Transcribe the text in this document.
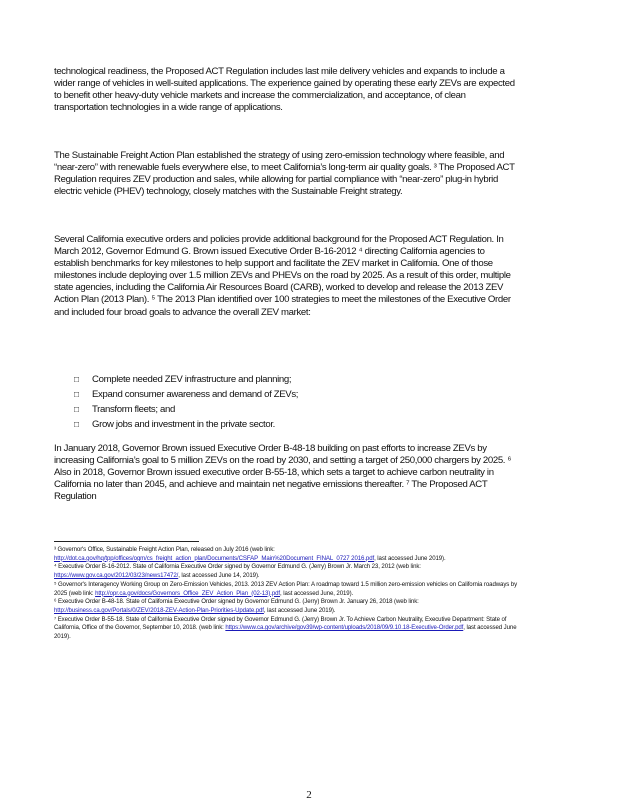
technological readiness, the Proposed ACT Regulation includes last mile delivery vehicles and expands to include a wider range of vehicles in well-suited applications. The experience gained by operating these early ZEVs are expected to benefit other heavy-duty vehicle markets and increase the commercialization, and acceptance, of clean transportation technologies in a wide range of applications.

The Sustainable Freight Action Plan established the strategy of using zero-emission technology where feasible, and “near-zero” with renewable fuels everywhere else, to meet California’s long-term air quality goals. ³ The Proposed ACT Regulation requires ZEV production and sales, while allowing for partial compliance with “near-zero” plug-in hybrid electric vehicle (PHEV) technology, closely matches with the Sustainable Freight strategy.

Several California executive orders and policies provide additional background for the Proposed ACT Regulation. In March 2012, Governor Edmund G. Brown issued Executive Order B-16-2012 ⁴ directing California agencies to establish benchmarks for key milestones to help support and facilitate the ZEV market in California. One of those milestones include deploying over 1.5 million ZEVs and PHEVs on the road by 2025. As a result of this order, multiple state agencies, including the California Air Resources Board (CARB), worked to develop and release the 2013 ZEV Action Plan (2013 Plan). ⁵ The 2013 Plan identified over 100 strategies to meet the milestones of the Executive Order and included four broad goals to advance the overall ZEV market:

□ Complete needed ZEV infrastructure and planning;
□ Expand consumer awareness and demand of ZEVs;
□ Transform fleets; and
□ Grow jobs and investment in the private sector.

In January 2018, Governor Brown issued Executive Order B-48-18 building on past efforts to increase ZEVs by increasing California’s goal to 5 million ZEVs on the road by 2030, and setting a target of 250,000 chargers by 2025. ⁶ Also in 2018, Governor Brown issued executive order B-55-18, which sets a target to achieve carbon neutrality in California no later than 2045, and achieve and maintain net negative emissions thereafter. ⁷ The Proposed ACT Regulation

³ Governor's Office, Sustainable Freight Action Plan, released on July 2016 (web link: http://dot.ca.gov/hq/tpp/offices/ogm/cs_freight_action_plan/Documents/CSFAP_Main%20Document_FINAL_0727 2016.pdf, last accessed June 2019).

⁴ Executive Order B-16-2012. State of California Executive Order signed by Governor Edmund G. (Jerry) Brown Jr. March 23, 2012 (web link: https://www.gov.ca.gov/2012/03/23/news17472/, last accessed June 14, 2019).

⁵ Governor's Interagency Working Group on Zero-Emission Vehicles, 2013. 2013 ZEV Action Plan: A roadmap toward 1.5 million zero-emission vehicles on California roadways by 2025 (web link: http://opr.ca.gov/docs/Governors_Office_ZEV_Action_Plan_(02-13).pdf, last accessed June, 2019).

⁶ Executive Order B-48-18. State of California Executive Order signed by Governor Edmund G. (Jerry) Brown Jr. January 26, 2018 (web link: http://business.ca.gov/Portals/0/ZEV/2018-ZEV-Action-Plan-Priorities-Update.pdf, last accessed June 2019).

⁷ Executive Order B-55-18. State of California Executive Order signed by Governor Edmund G. (Jerry) Brown Jr. To Achieve Carbon Neutrality, Executive Department: State of California, Office of the Governor, September 10, 2018. (web link: https://www.ca.gov/archive/gov39/wp-content/uploads/2018/09/9.10.18-Executive-Order.pdf, last accessed June 2019).

2
